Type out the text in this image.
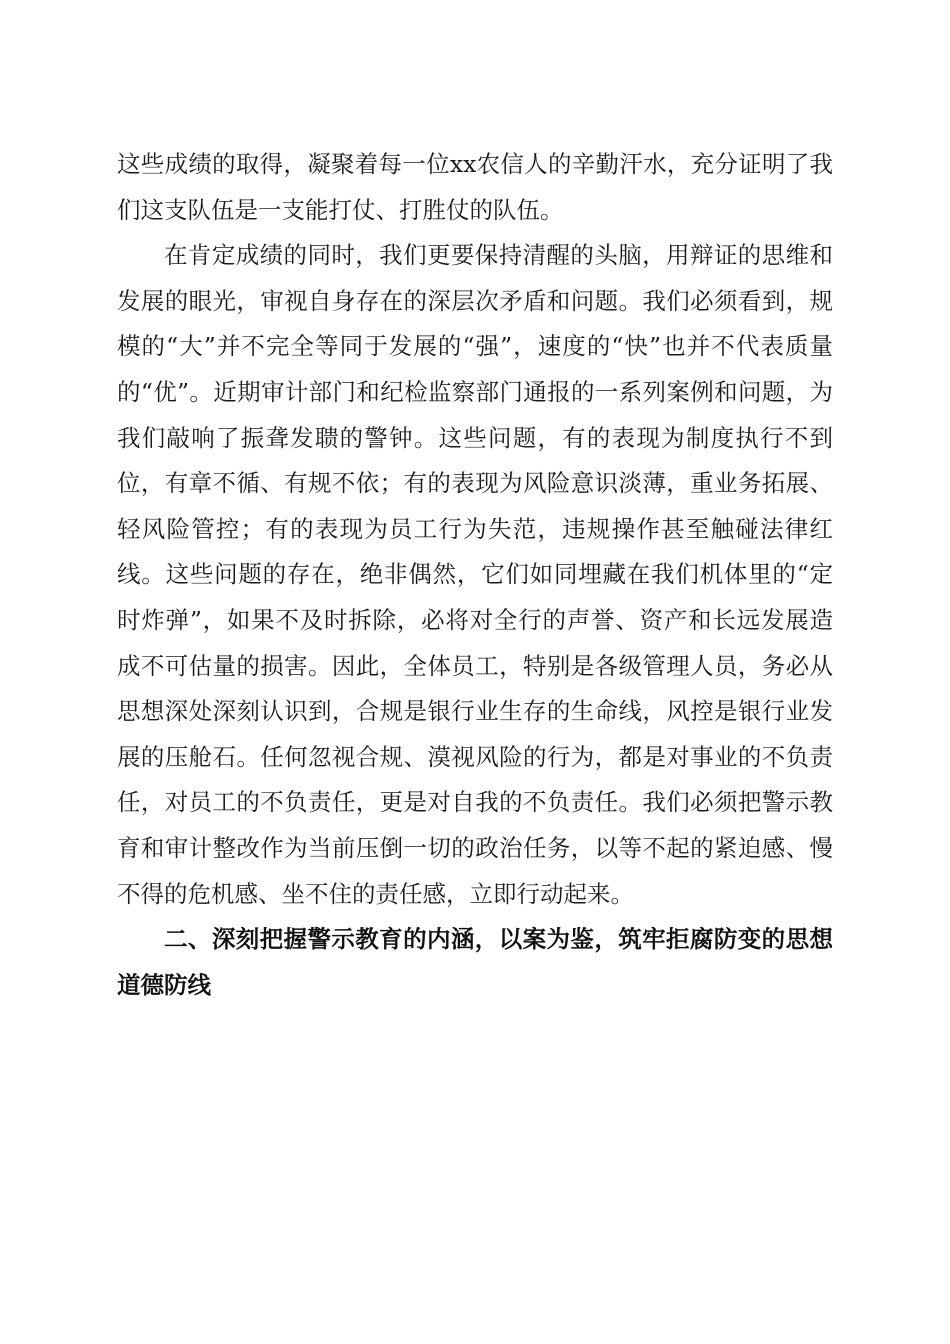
这些成绩的取得，凝聚着每一位xx农信人的辛勤汗水，充分证明了我们这支队伍是一支能打仗、打胜仗的队伍。

在肯定成绩的同时，我们更要保持清醒的头脑，用辩证的思维和发展的眼光，审视自身存在的深层次矛盾和问题。我们必须看到，规模的“大”并不完全等同于发展的“强”，速度的“快”也并不代表质量的“优”。近期审计部门和纪检监察部门通报的一系列案例和问题，为我们敲响了振聋发聩的警钟。这些问题，有的表现为制度执行不到位，有章不循、有规不依；有的表现为风险意识淡薄，重业务拓展、轻风险管控；有的表现为员工行为失范，违规操作甚至触碰法律红线。这些问题的存在，绝非偶然，它们如同埋藏在我们机体里的“定时炸弹”，如果不及时拆除，必将对全行的声誉、资产和长远发展造成不可估量的损害。因此，全体员工，特别是各级管理人员，务必从思想深处深刻认识到，合规是银行业生存的生命线，风控是银行业发展的压舱石。任何忽视合规、漠视风险的行为，都是对事业的不负责任，对员工的不负责任，更是对自我的不负责任。我们必须把警示教育和审计整改作为当前压倒一切的政治任务，以等不起的紧迫感、慢不得的危机感、坐不住的责任感，立即行动起来。

二、深刻把握警示教育的内涵，以案为鉴，筑牢拒腐防变的思想道德防线
